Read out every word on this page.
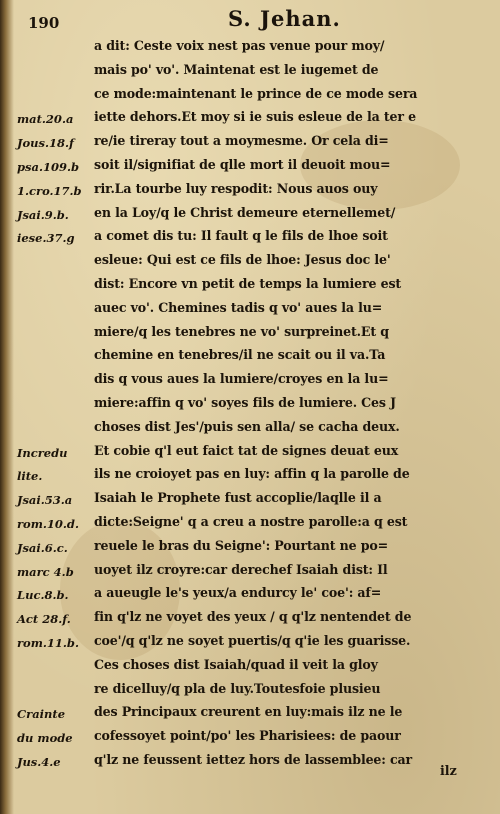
190	S. Jehan.
a dit: Ceste voix nest pas venue pour moy/
mais po' vo'. Maintenat est le iugemet de
ce mode:maintenant le prince de ce mode sera
iette dehors.Et moy si ie suis esleue de la ter e
re/ie tireray tout a moymesme. Or cela di=
soit il/signifiat de qlle mort il deuoit mou=
rir.La tourbe luy respodit: Nous auos ouy
en la Loy/q le Christ demeure eternellemet/
a comet dis tu: Il fault q le fils de lhoe soit
esleue: Qui est ce fils de lhoe: Jesus doc le'
dist: Encore vn petit de temps la lumiere est
auec vo'. Chemines tadis q vo' aues la lu=
miere/q les tenebres ne vo' surpreinet.Et q
chemine en tenebres/il ne scait ou il va.Ta
dis q vous aues la lumiere/croyes en la lu=
miere:affin q vo' soyes fils de lumiere. Ces J
choses dist Jes'/puis sen alla/ se cacha deux.
Et cobie q'l eut faict tat de signes deuat eux
ils ne croioyet pas en luy: affin q la parolle de
Isaiah le Prophete fust accoplie/laqlle il a
dicte:Seigne' q a creu a nostre parolle:a q est
reuele le bras du Seigne': Pourtant ne po=
uoyet ilz croyre:car derechef Isaiah dist: Il
a aueugle le's yeux/a endurcy le' coe': af=
fin q'lz ne voyet des yeux / q q'lz nentendet de
coe'/q q'lz ne soyet puertis/q q'ie les guarisse.
Ces choses dist Isaiah/quad il veit la gloy
re dicelluy/q pla de luy.Toutesfoie plusieu
des Principaux creurent en luy:mais ilz ne le
cofessoyet point/po' les Pharisiees: de paour
q'lz ne feussent iettez hors de lassemblee: car
mat.20.a
Jous.18.f
psa.109.b
1.cro.17.b
Jsai.9.b.
iese.37.g
Incredu
lite.
Jsai.53.a
rom.10.d.
Jsai.6.c.
marc 4.b
Luc.8.b.
Act 28.f.
rom.11.b.
Crainte
du mode
Jus.4.e
ilz
